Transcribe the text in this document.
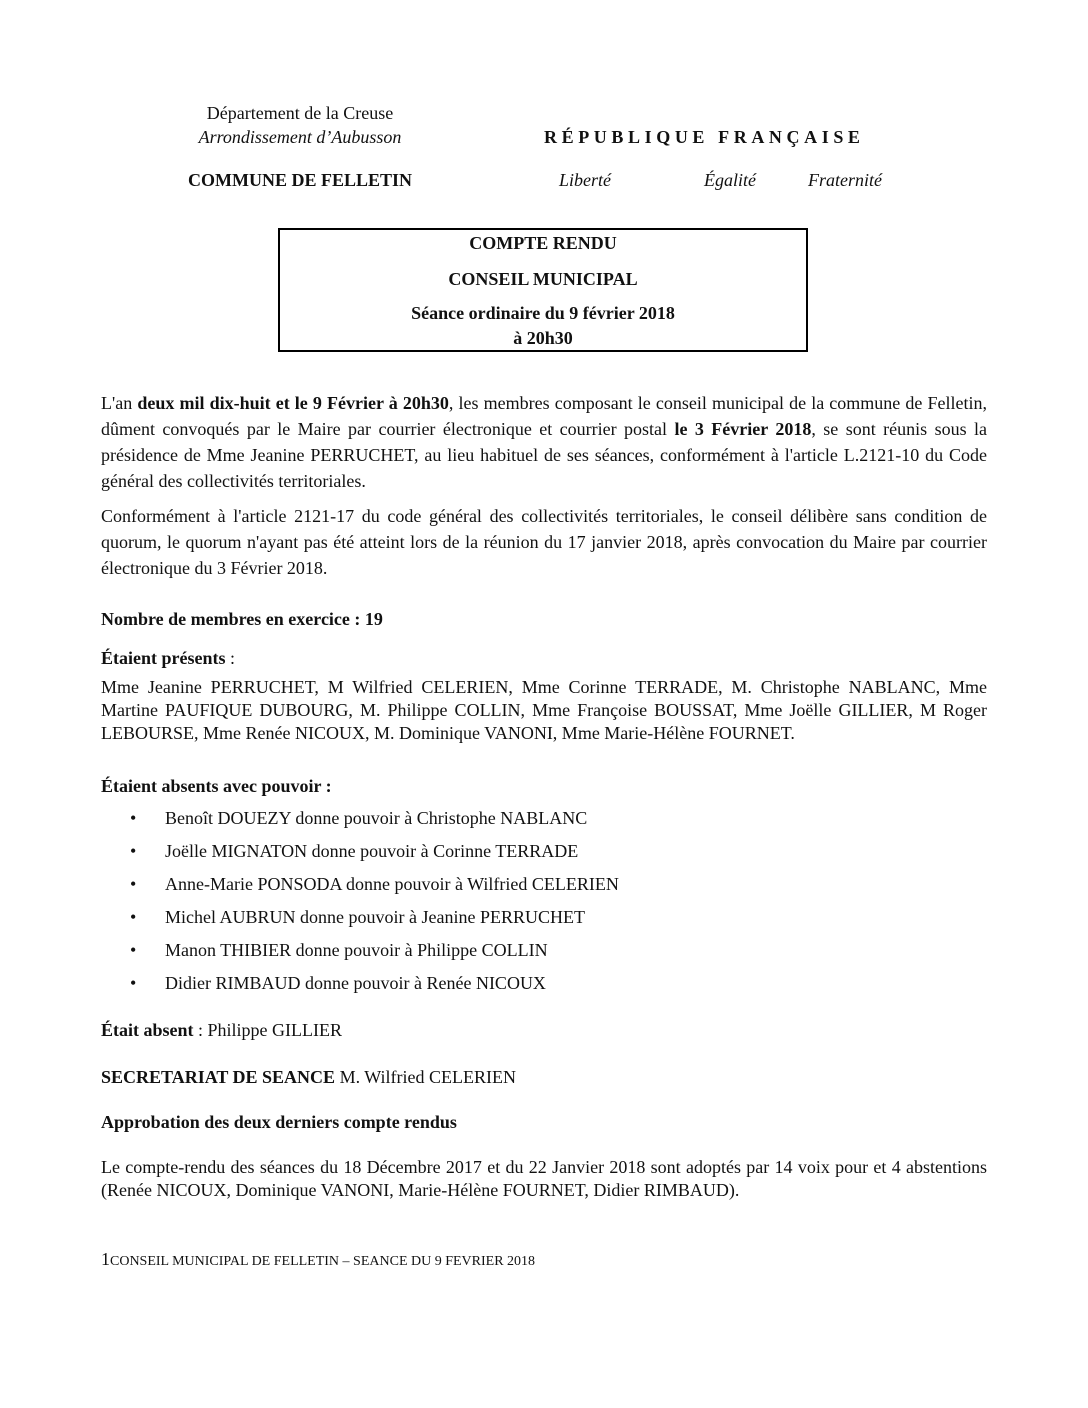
Département de la Creuse
Arrondissement d’Aubusson
COMMUNE DE FELLETIN
RÉPUBLIQUE FRANÇAISE
Liberté	Égalité	Fraternité
COMPTE RENDU
CONSEIL MUNICIPAL
Séance ordinaire du 9 février 2018
à 20h30
L'an deux mil dix-huit et le 9 Février à 20h30, les membres composant le conseil municipal de la commune de Felletin, dûment convoqués par le Maire par courrier électronique et courrier postal le 3 Février 2018, se sont réunis sous la présidence de Mme Jeanine PERRUCHET, au lieu habituel de ses séances, conformément à l'article L.2121-10 du Code général des collectivités territoriales.
Conformément à l'article 2121-17 du code général des collectivités territoriales, le conseil délibère sans condition de quorum, le quorum n'ayant pas été atteint lors de la réunion du 17 janvier 2018, après convocation du Maire par courrier électronique du 3 Février 2018.
Nombre de membres en exercice : 19
Étaient présents :
Mme Jeanine PERRUCHET, M Wilfried CELERIEN, Mme Corinne TERRADE, M. Christophe NABLANC, Mme Martine PAUFIQUE DUBOURG, M. Philippe COLLIN, Mme Françoise BOUSSAT, Mme Joëlle GILLIER, M Roger LEBOURSE, Mme Renée NICOUX, M. Dominique VANONI, Mme Marie-Hélène FOURNET.
Étaient absents avec pouvoir :
• Benoît DOUEZY donne pouvoir à Christophe NABLANC
• Joëlle MIGNATON donne pouvoir à Corinne TERRADE
• Anne-Marie PONSODA donne pouvoir à Wilfried CELERIEN
• Michel AUBRUN donne pouvoir à Jeanine PERRUCHET
• Manon THIBIER donne pouvoir à Philippe COLLIN
• Didier RIMBAUD donne pouvoir à Renée NICOUX
Était absent : Philippe GILLIER
SECRETARIAT DE SEANCE M. Wilfried CELERIEN
Approbation des deux derniers compte rendus
Le compte-rendu des séances du 18 Décembre 2017 et du 22 Janvier 2018 sont adoptés par 14 voix pour et 4 abstentions (Renée NICOUX, Dominique VANONI, Marie-Hélène FOURNET, Didier RIMBAUD).
1CONSEIL MUNICIPAL DE FELLETIN – SEANCE DU 9 FEVRIER 2018
